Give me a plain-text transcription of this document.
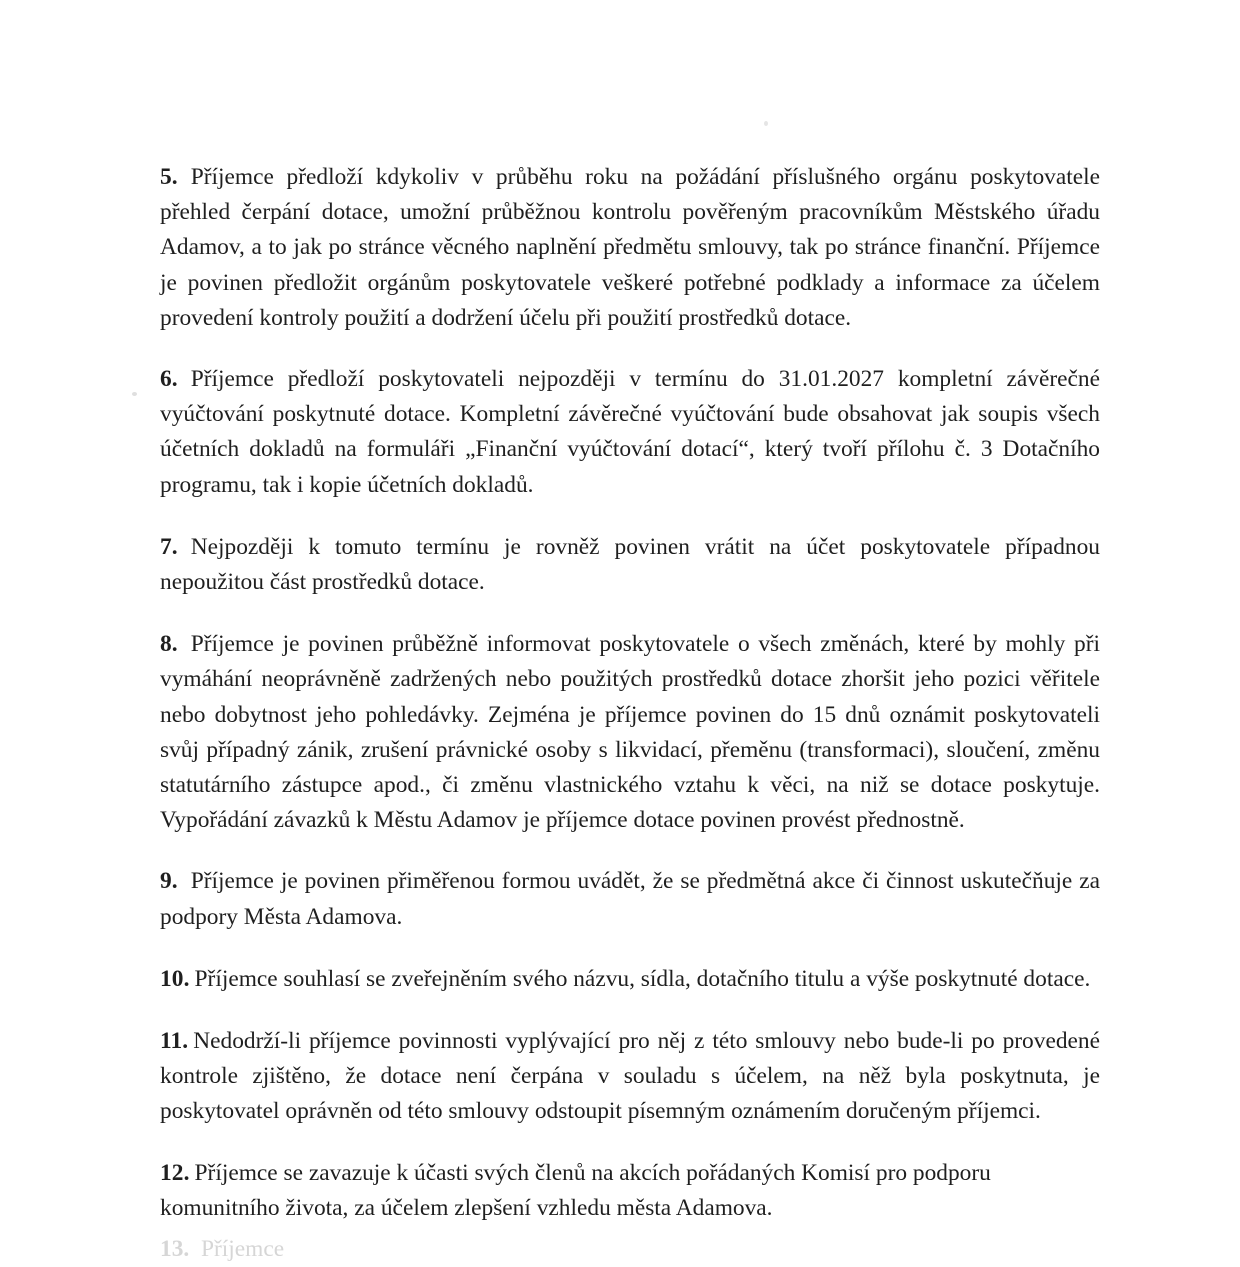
5. Příjemce předloží kdykoliv v průběhu roku na požádání příslušného orgánu poskytovatele přehled čerpání dotace, umožní průběžnou kontrolu pověřeným pracovníkům Městského úřadu Adamov, a to jak po stránce věcného naplnění předmětu smlouvy, tak po stránce finanční. Příjemce je povinen předložit orgánům poskytovatele veškeré potřebné podklady a informace za účelem provedení kontroly použití a dodržení účelu při použití prostředků dotace.

6. Příjemce předloží poskytovateli nejpozději v termínu do 31.01.2027 kompletní závěrečné vyúčtování poskytnuté dotace. Kompletní závěrečné vyúčtování bude obsahovat jak soupis všech účetních dokladů na formuláři „Finanční vyúčtování dotací“, který tvoří přílohu č. 3 Dotačního programu, tak i kopie účetních dokladů.

7. Nejpozději k tomuto termínu je rovněž povinen vrátit na účet poskytovatele případnou nepoužitou část prostředků dotace.

8. Příjemce je povinen průběžně informovat poskytovatele o všech změnách, které by mohly při vymáhání neoprávněně zadržených nebo použitých prostředků dotace zhoršit jeho pozici věřitele nebo dobytnost jeho pohledávky. Zejména je příjemce povinen do 15 dnů oznámit poskytovateli svůj případný zánik, zrušení právnické osoby s likvidací, přeměnu (transformaci), sloučení, změnu statutárního zástupce apod., či změnu vlastnického vztahu k věci, na niž se dotace poskytuje. Vypořádání závazků k Městu Adamov je příjemce dotace povinen provést přednostně.

9. Příjemce je povinen přiměřenou formou uvádět, že se předmětná akce či činnost uskutečňuje za podpory Města Adamova.

10. Příjemce souhlasí se zveřejněním svého názvu, sídla, dotačního titulu a výše poskytnuté dotace.

11. Nedodrží-li příjemce povinnosti vyplývající pro něj z této smlouvy nebo bude-li po provedené kontrole zjištěno, že dotace není čerpána v souladu s účelem, na něž byla poskytnuta, je poskytovatel oprávněn od této smlouvy odstoupit písemným oznámením doručeným příjemci.

12. Příjemce se zavazuje k účasti svých členů na akcích pořádaných Komisí pro podporu komunitního života, za účelem zlepšení vzhledu města Adamova.

13. Příjemce
